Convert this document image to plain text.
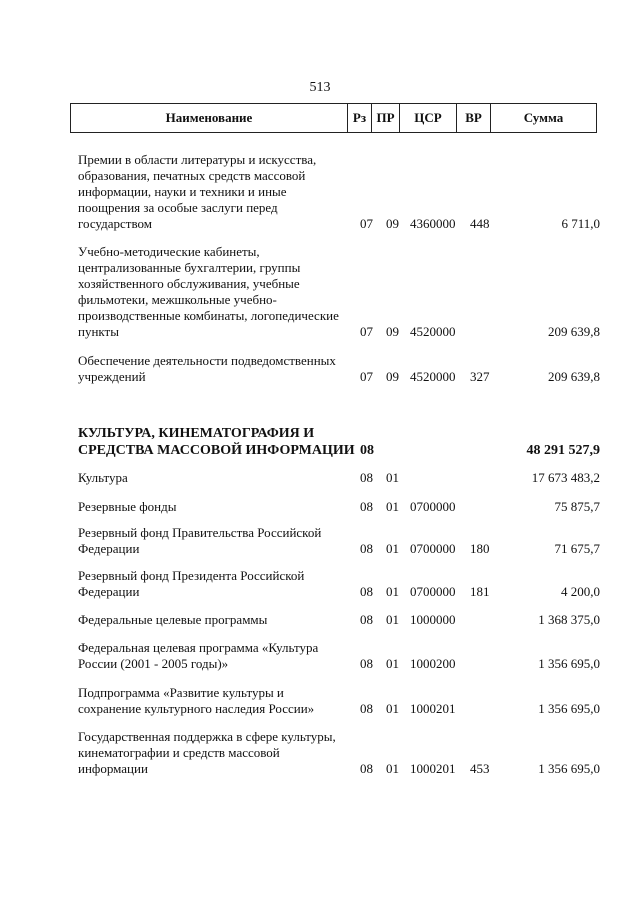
513
Наименование	Рз ПР	ЦСР	ВР	Сумма
Премии в области литературы и искусства, образования, печатных средств массовой информации, науки и техники и иные поощрения за особые заслуги перед государством	07 09 4360000 448	6 711,0
Учебно-методические кабинеты, централизованные бухгалтерии, группы хозяйственного обслуживания, учебные фильмотеки, межшкольные учебно-производственные комбинаты, логопедические пункты	07 09 4520000	209 639,8
Обеспечение деятельности подведомственных учреждений	07 09 4520000 327	209 639,8
КУЛЬТУРА, КИНЕМАТОГРАФИЯ И СРЕДСТВА МАССОВОЙ ИНФОРМАЦИИ 08	48 291 527,9
Культура	08 01	17 673 483,2
Резервные фонды	08 01 0700000	75 875,7
Резервный фонд Правительства Российской Федерации	08 01 0700000 180	71 675,7
Резервный фонд Президента Российской Федерации	08 01 0700000 181	4 200,0
Федеральные целевые программы	08 01 1000000	1 368 375,0
Федеральная целевая программа «Культура России (2001 - 2005 годы)»	08 01 1000200	1 356 695,0
Подпрограмма «Развитие культуры и сохранение культурного наследия России»	08 01 1000201	1 356 695,0
Государственная поддержка в сфере культуры, кинематографии и средств массовой информации	08 01 1000201 453	1 356 695,0
